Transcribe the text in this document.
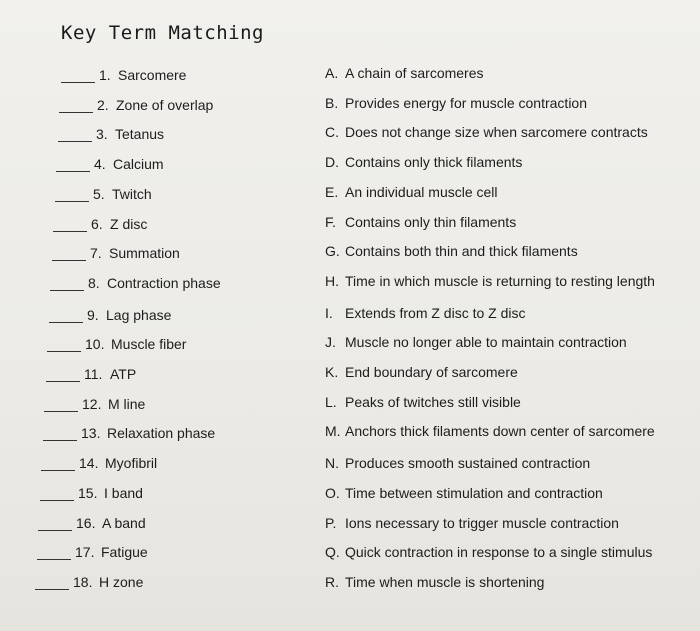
Key Term Matching
1. Sarcomere
2. Zone of overlap
3. Tetanus
4. Calcium
5. Twitch
6. Z disc
7. Summation
8. Contraction phase
9. Lag phase
10. Muscle fiber
11. ATP
12. M line
13. Relaxation phase
14. Myofibril
15. I band
16. A band
17. Fatigue
18. H zone
A. A chain of sarcomeres
B. Provides energy for muscle contraction
C. Does not change size when sarcomere contracts
D. Contains only thick filaments
E. An individual muscle cell
F. Contains only thin filaments
G. Contains both thin and thick filaments
H. Time in which muscle is returning to resting length
I. Extends from Z disc to Z disc
J. Muscle no longer able to maintain contraction
K. End boundary of sarcomere
L. Peaks of twitches still visible
M. Anchors thick filaments down center of sarcomere
N. Produces smooth sustained contraction
O. Time between stimulation and contraction
P. Ions necessary to trigger muscle contraction
Q. Quick contraction in response to a single stimulus
R. Time when muscle is shortening
